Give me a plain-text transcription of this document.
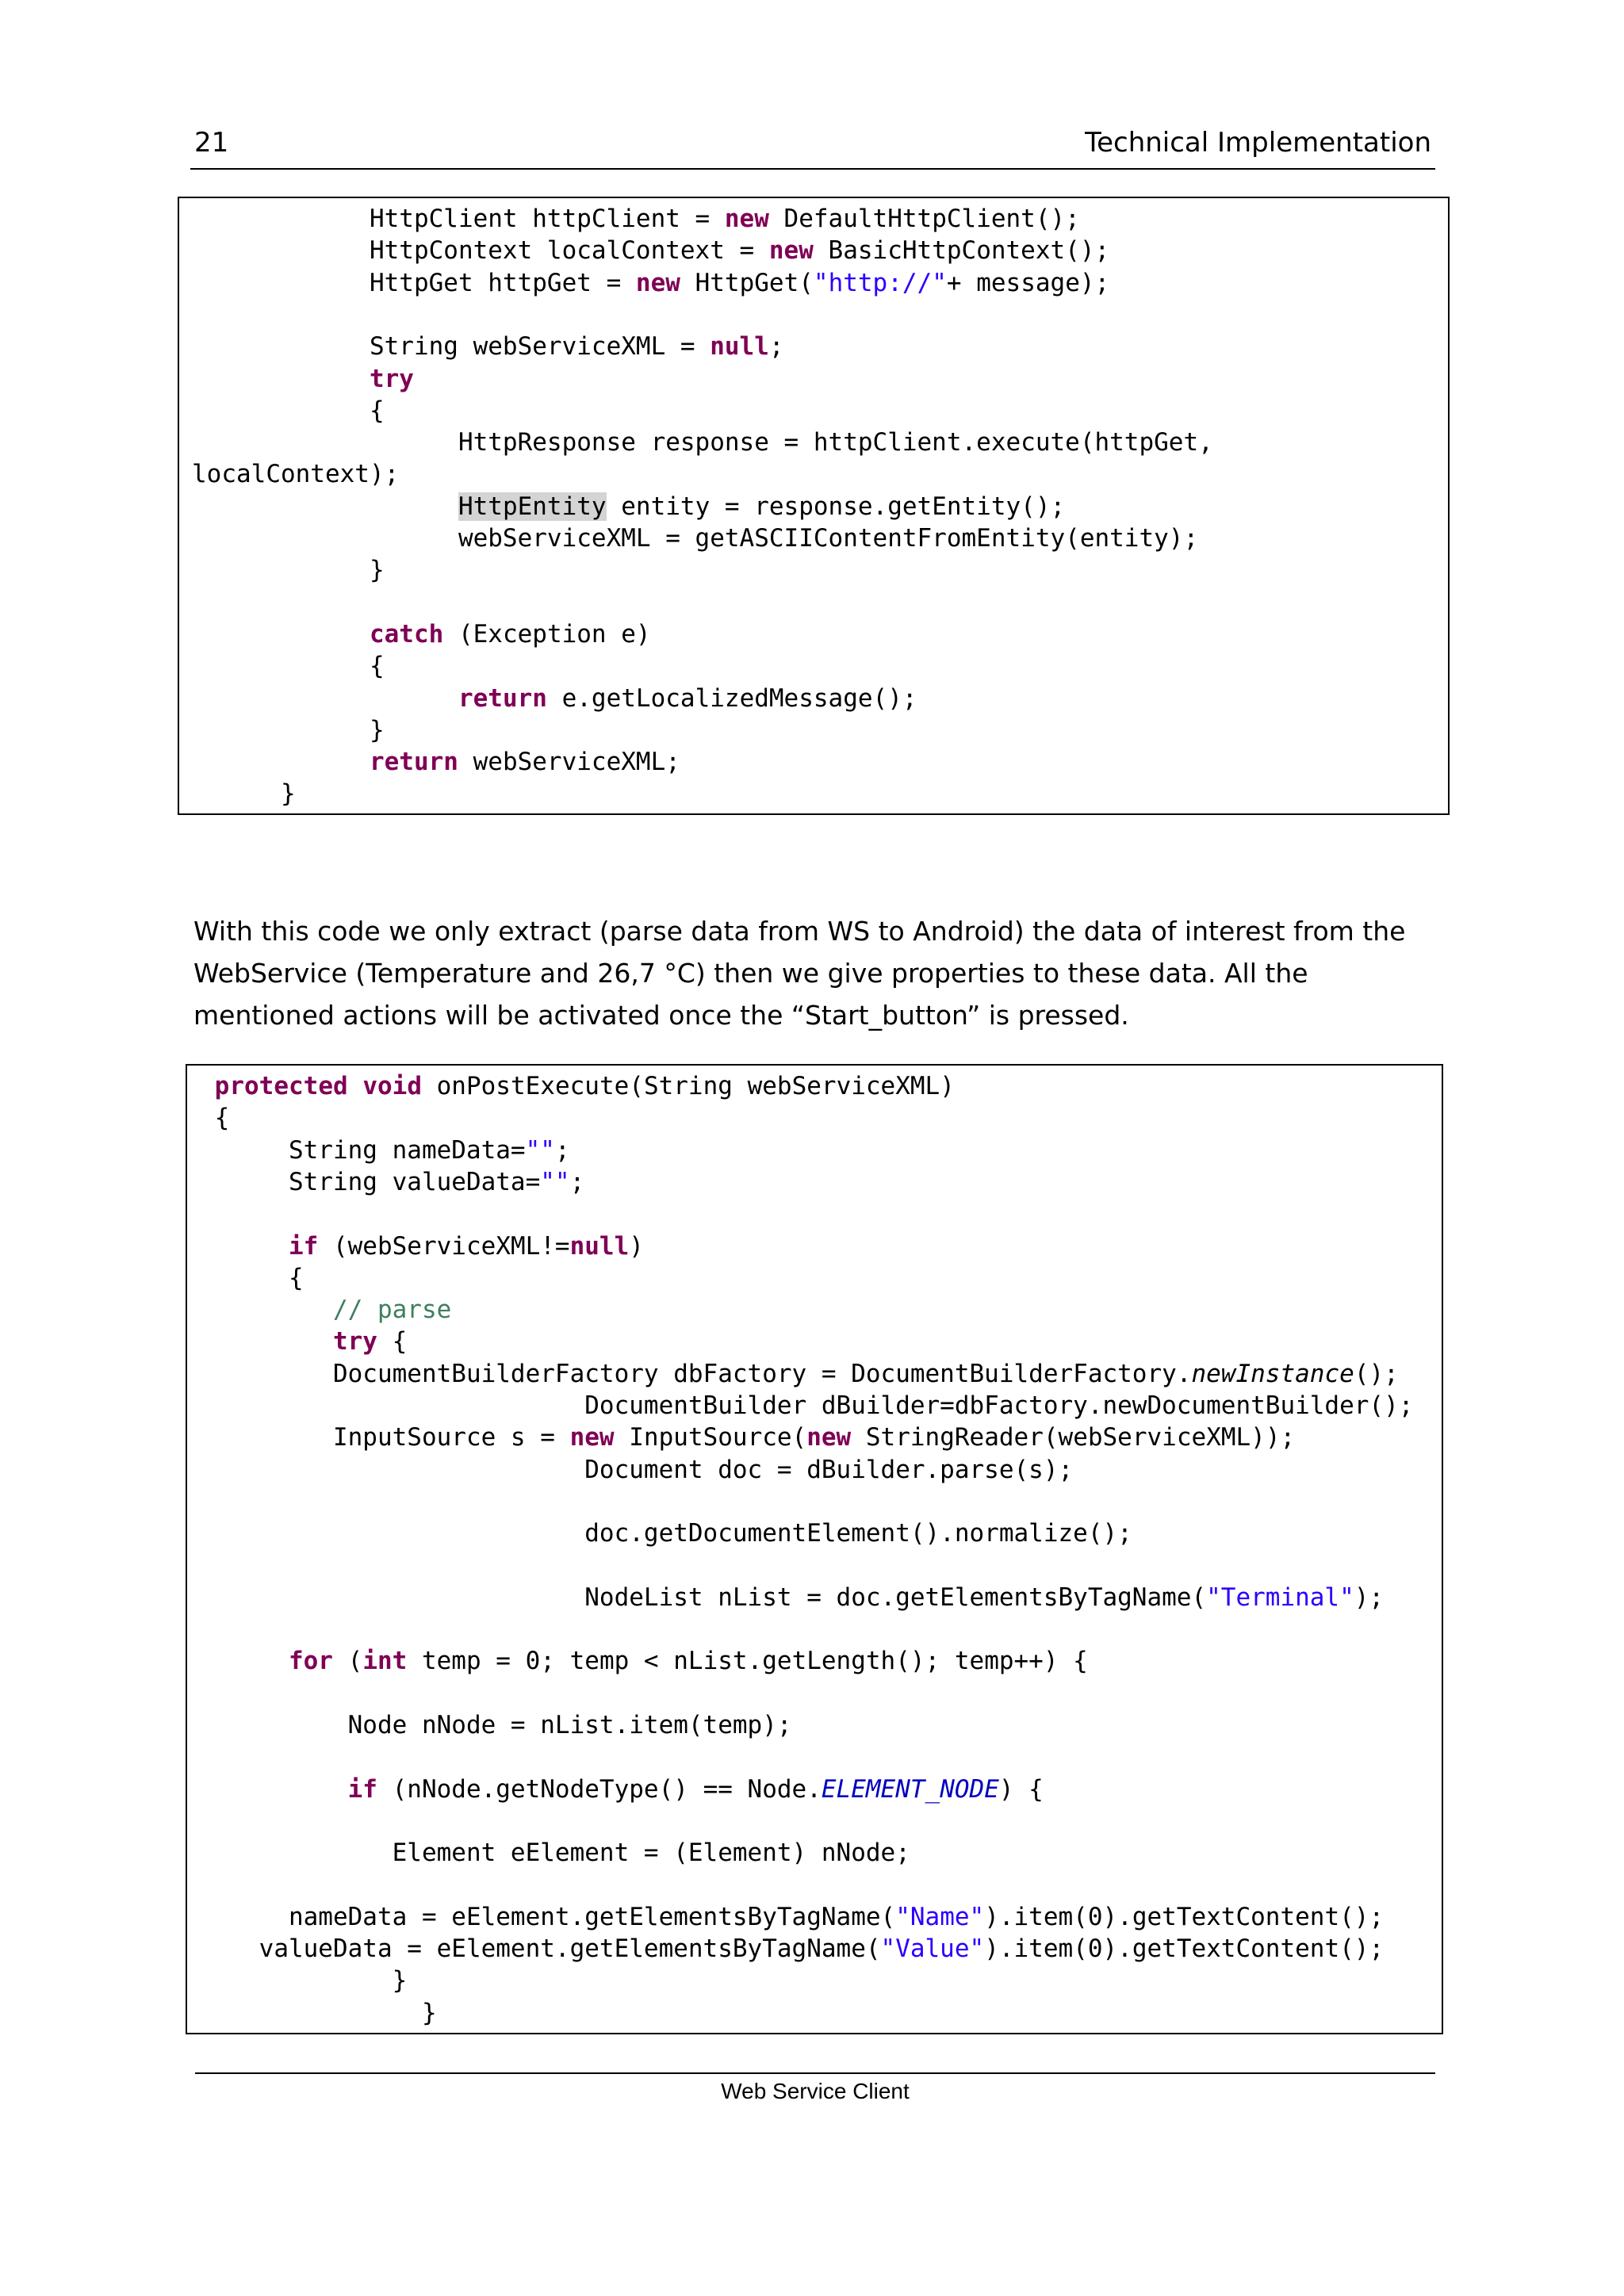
21	Technical Implementation
HttpClient httpClient = new DefaultHttpClient();
HttpContext localContext = new BasicHttpContext();
HttpGet httpGet = new HttpGet("http://"+ message);
String webServiceXML = null;
try
{
HttpResponse response = httpClient.execute(httpGet,
localContext);
HttpEntity entity = response.getEntity();
webServiceXML = getASCIIContentFromEntity(entity);
}
catch (Exception e)
{
return e.getLocalizedMessage();
}
return webServiceXML;
}
With this code we only extract (parse data from WS to Android) the data of interest from the WebService (Temperature and 26,7 °C) then we give properties to these data. All the mentioned actions will be activated once the “Start_button” is pressed.
protected void onPostExecute(String webServiceXML)
{
String nameData="";
String valueData="";
if (webServiceXML!=null)
{
// parse
try {
DocumentBuilderFactory dbFactory = DocumentBuilderFactory.newInstance();
DocumentBuilder dBuilder=dbFactory.newDocumentBuilder();
InputSource s = new InputSource(new StringReader(webServiceXML));
Document doc = dBuilder.parse(s);
doc.getDocumentElement().normalize();
NodeList nList = doc.getElementsByTagName("Terminal");
for (int temp = 0; temp < nList.getLength(); temp++) {
Node nNode = nList.item(temp);
if (nNode.getNodeType() == Node.ELEMENT_NODE) {
Element eElement = (Element) nNode;
nameData = eElement.getElementsByTagName("Name").item(0).getTextContent();
valueData = eElement.getElementsByTagName("Value").item(0).getTextContent();
}
}
Web Service Client
